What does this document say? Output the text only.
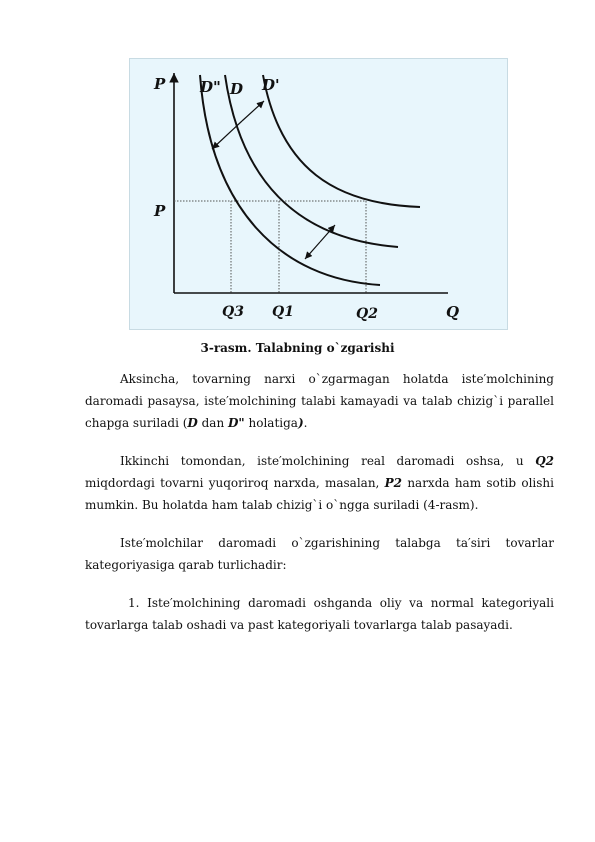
P
P
D" D D'
Q3 Q1	Q2	Q
3-rasm. Talabning o`zgarishi
Aksincha, tovarning narxi o`zgarmagan holatda iste′molchining daromadi pasaysa, iste′molchining talabi kamayadi va talab chizig`i parallel chapga suriladi (D dan D" holatiga).
Ikkinchi tomondan, iste′molchining real daromadi oshsa, u Q2 miqdordagi tovarni yuqoriroq narxda, masalan, P2 narxda ham sotib olishi mumkin. Bu holatda ham talab chizig`i o`ngga suriladi (4-rasm).
Iste′molchilar daromadi o`zgarishining talabga ta′siri tovarlar kategoriyasiga qarab turlichadir:
1. Iste′molchining daromadi oshganda oliy va normal kategoriyali tovarlarga talab oshadi va past kategoriyali tovarlarga talab pasayadi.
